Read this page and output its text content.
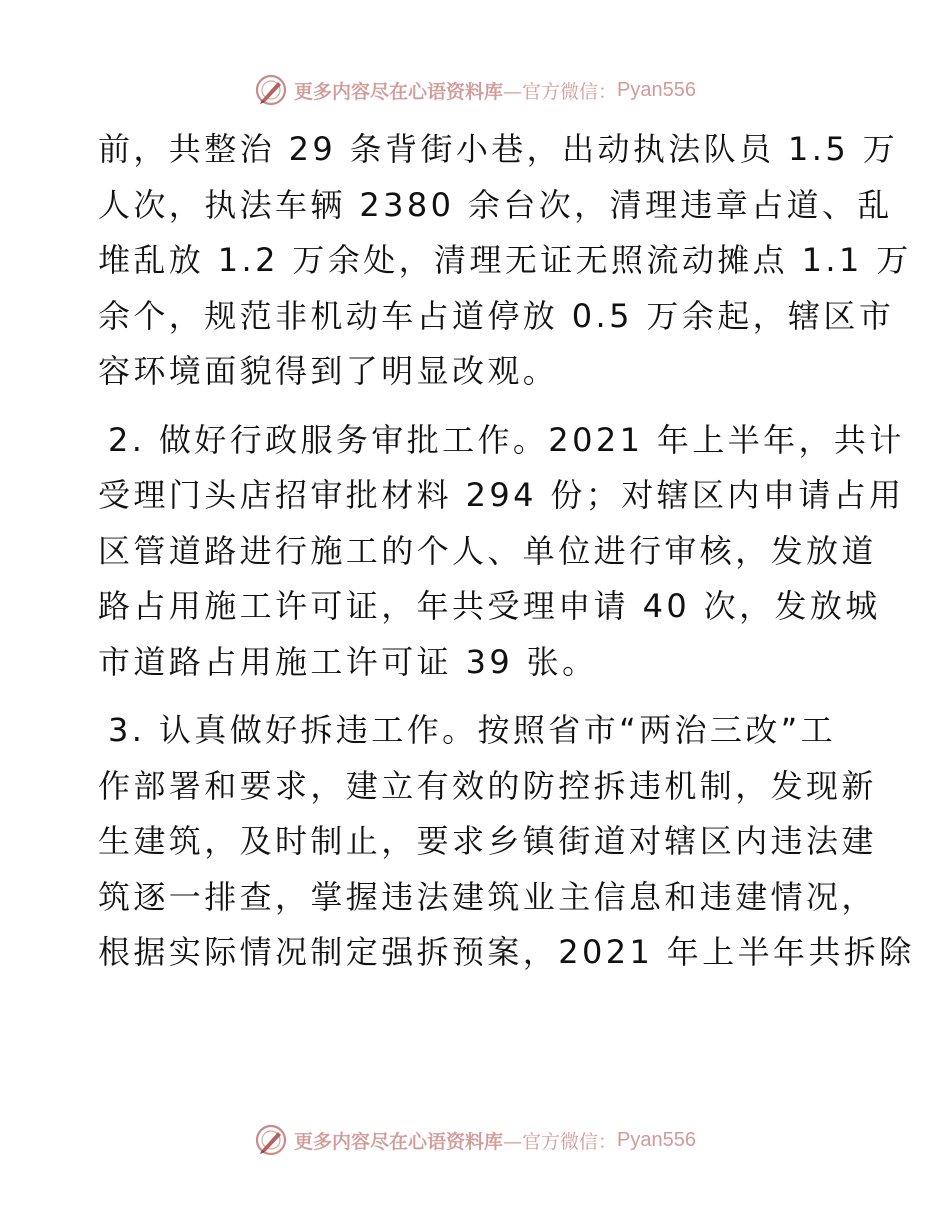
更多内容尽在心语资料库 —官方微信： Pyan556

前，共整治 29 条背街小巷，出动执法队员 1.5 万
人次，执法车辆 2380 余台次，清理违章占道、乱
堆乱放 1.2 万余处，清理无证无照流动摊点 1.1 万
余个，规范非机动车占道停放 0.5 万余起，辖区市
容环境面貌得到了明显改观。

2. 做好行政服务审批工作。2021 年上半年，共计
受理门头店招审批材料 294 份；对辖区内申请占用
区管道路进行施工的个人、单位进行审核，发放道
路占用施工许可证，年共受理申请 40 次，发放城
市道路占用施工许可证 39 张。

3. 认真做好拆违工作。按照省市“两治三改”工
作部署和要求，建立有效的防控拆违机制，发现新
生建筑，及时制止，要求乡镇街道对辖区内违法建
筑逐一排查，掌握违法建筑业主信息和违建情况，
根据实际情况制定强拆预案，2021 年上半年共拆除

更多内容尽在心语资料库 —官方微信： Pyan556
